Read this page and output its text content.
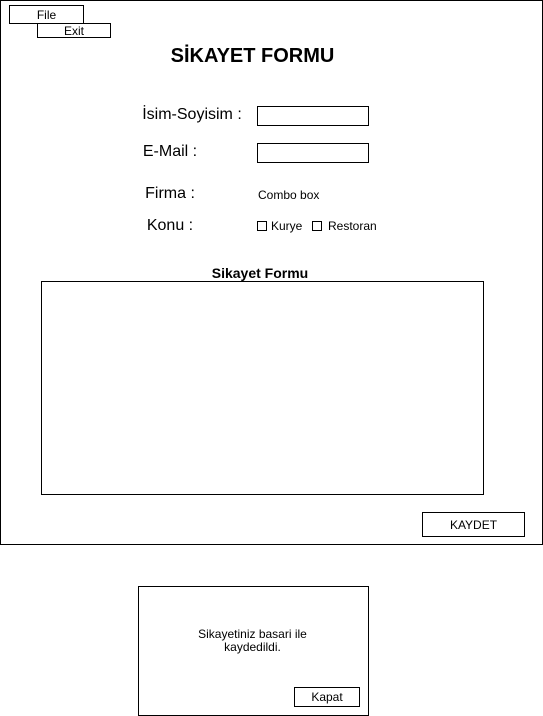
File
Exit
SİKAYET FORMU
İsim-Soyisim :
E-Mail :
Firma :	Combo box
Konu :	Kurye Restoran
Sikayet Formu
KAYDET
Sikayetiniz basari ile kaydedildi.
Kapat
